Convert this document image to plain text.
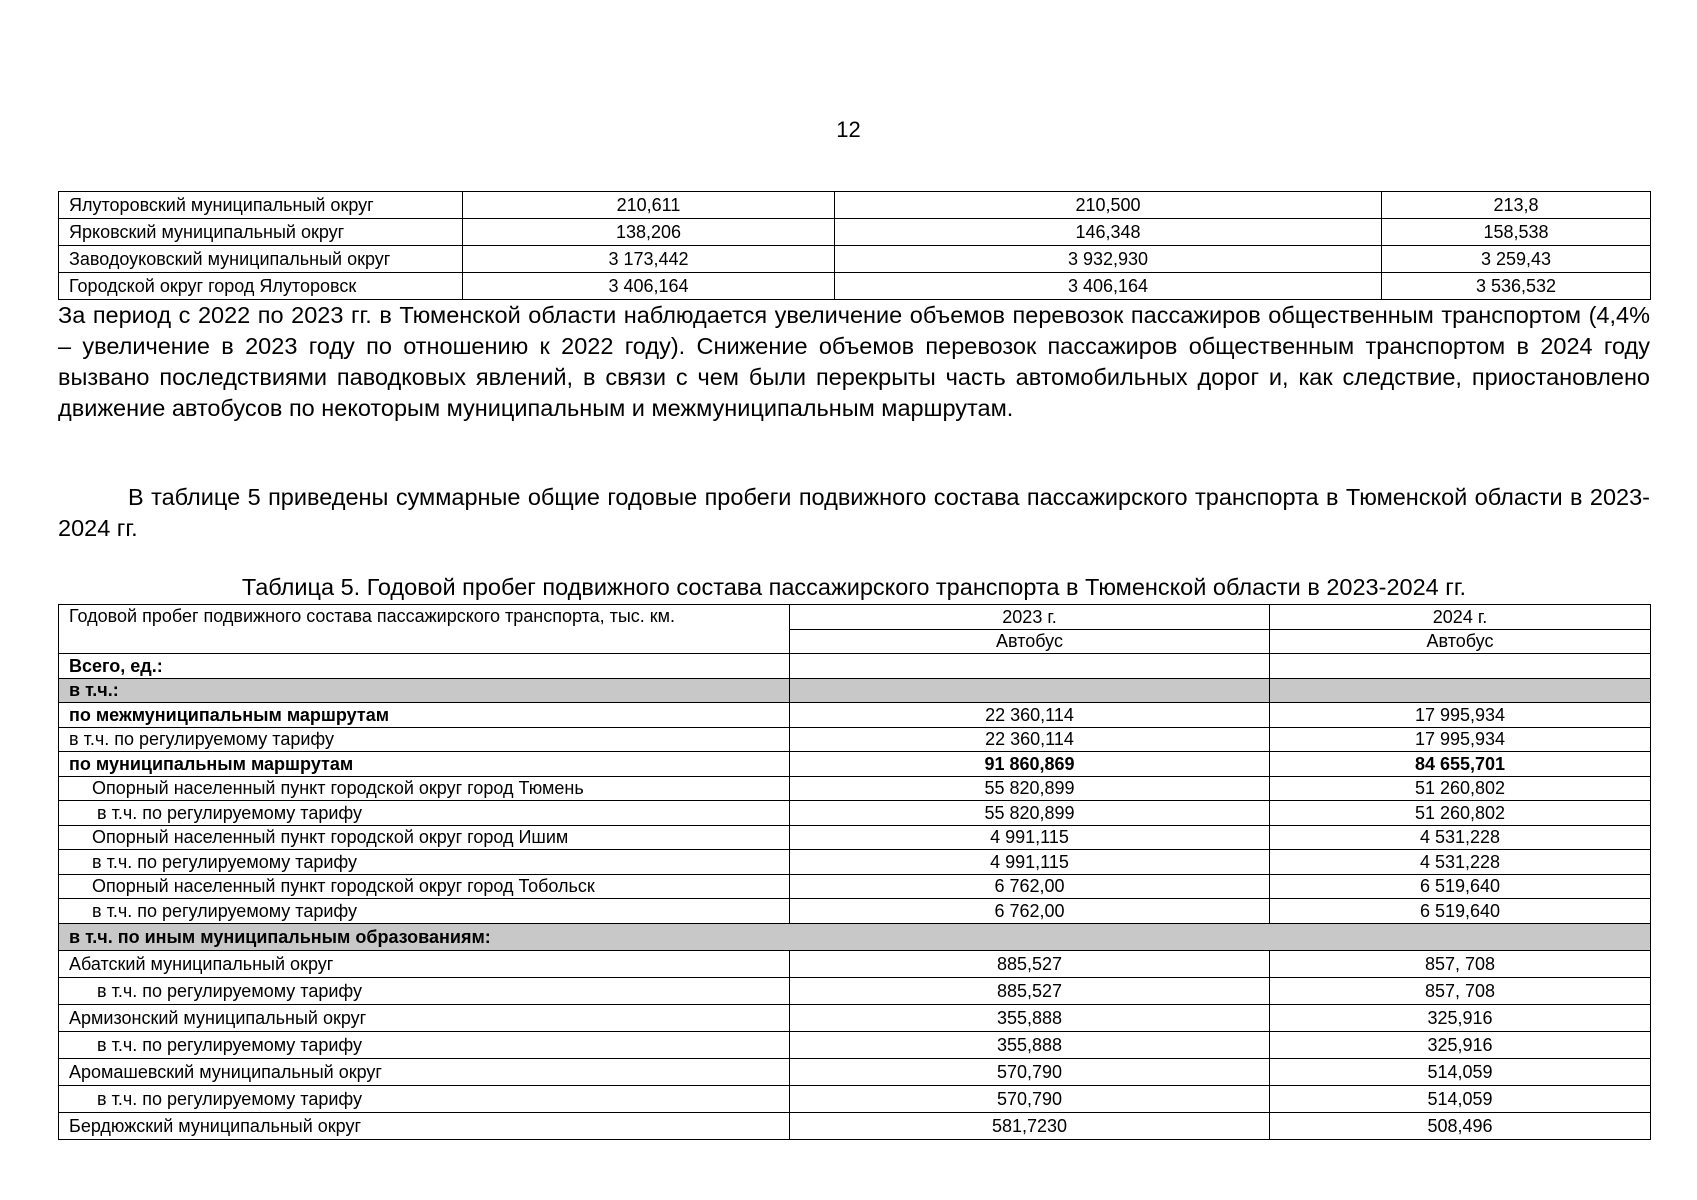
12
Ялуторовский муниципальный округ	210,611	210,500	213,8
Ярковский муниципальный округ	138,206	146,348	158,538
Заводоуковский муниципальный округ	3 173,442	3 932,930	3 259,43
Городской округ город Ялуторовск	3 406,164	3 406,164	3 536,532
За период с 2022 по 2023 гг. в Тюменской области наблюдается увеличение объемов перевозок пассажиров общественным транспортом (4,4% – увеличение в 2023 году по отношению к 2022 году). Снижение объемов перевозок пассажиров общественным транспортом в 2024 году вызвано последствиями паводковых явлений, в связи с чем были перекрыты часть автомобильных дорог и, как следствие, приостановлено движение автобусов по некоторым муниципальным и межмуниципальным маршрутам.
В таблице 5 приведены суммарные общие годовые пробеги подвижного состава пассажирского транспорта в Тюменской области в 2023-2024 гг.
Таблица 5. Годовой пробег подвижного состава пассажирского транспорта в Тюменской области в 2023-2024 гг.
Годовой пробег подвижного состава пассажирского транспорта, тыс. км.	2023 г.	2024 г.
	Автобус	Автобус
Всего, ед.:		
в т.ч.:		
по межмуниципальным маршрутам	22 360,114	17 995,934
в т.ч. по регулируемому тарифу	22 360,114	17 995,934
по муниципальным маршрутам	91 860,869	84 655,701
Опорный населенный пункт городской округ город Тюмень	55 820,899	51 260,802
в т.ч. по регулируемому тарифу	55 820,899	51 260,802
Опорный населенный пункт городской округ город Ишим	4 991,115	4 531,228
в т.ч. по регулируемому тарифу	4 991,115	4 531,228
Опорный населенный пункт городской округ город Тобольск	6 762,00	6 519,640
в т.ч. по регулируемому тарифу	6 762,00	6 519,640
в т.ч. по иным муниципальным образованиям:		
Абатский муниципальный округ	885,527	857, 708
в т.ч. по регулируемому тарифу	885,527	857, 708
Армизонский муниципальный округ	355,888	325,916
в т.ч. по регулируемому тарифу	355,888	325,916
Аромашевский муниципальный округ	570,790	514,059
в т.ч. по регулируемому тарифу	570,790	514,059
Бердюжский муниципальный округ	581,7230	508,496
